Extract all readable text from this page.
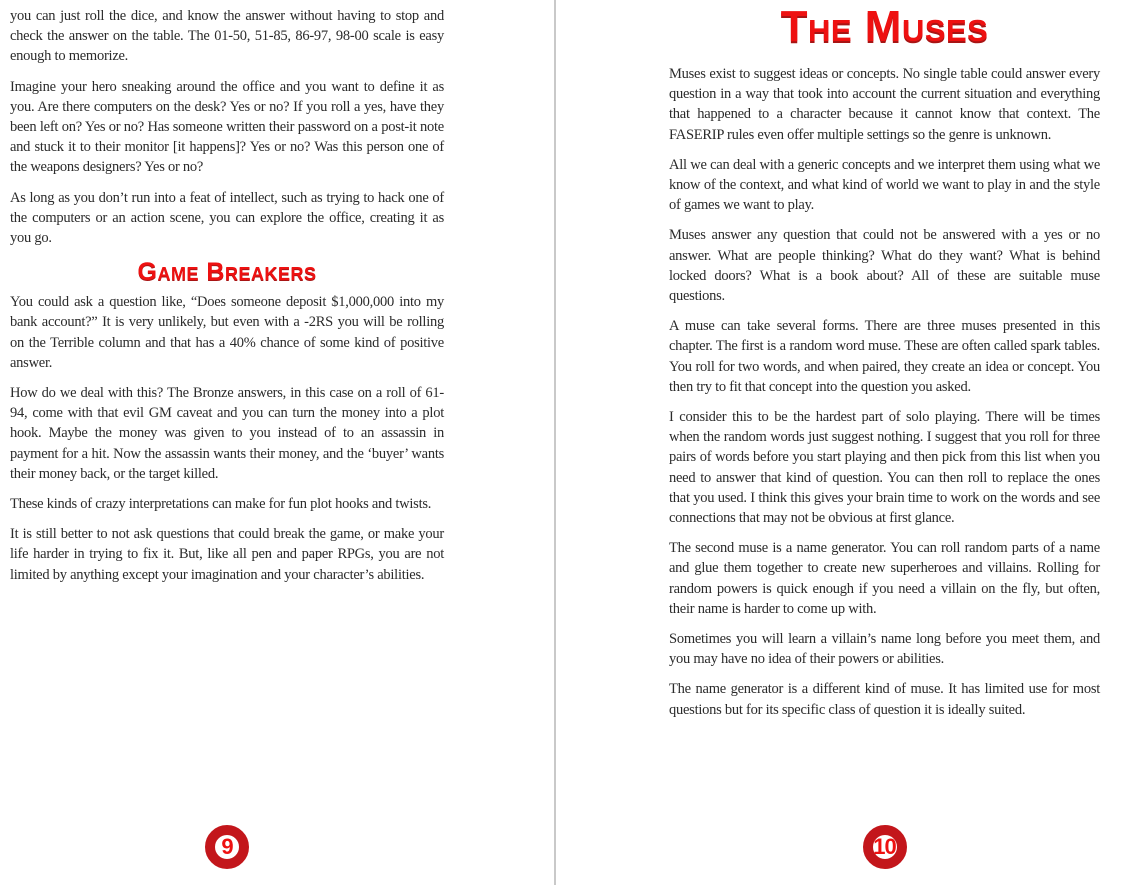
you can just roll the dice, and know the answer without having to stop and check the answer on the table. The 01-50, 51-85, 86-97, 98-00 scale is easy enough to memorize.

Imagine your hero sneaking around the office and you want to define it as you. Are there computers on the desk? Yes or no? If you roll a yes, have they been left on? Yes or no? Has someone written their password on a post-it note and stuck it to their monitor [it happens]? Yes or no? Was this person one of the weapons designers? Yes or no?

As long as you don’t run into a feat of intellect, such as trying to hack one of the computers or an action scene, you can explore the office, creating it as you go.

Game Breakers

You could ask a question like, “Does someone deposit $1,000,000 into my bank account?” It is very unlikely, but even with a -2RS you will be rolling on the Terrible column and that has a 40% chance of some kind of positive answer.

How do we deal with this? The Bronze answers, in this case on a roll of 61-94, come with that evil GM caveat and you can turn the money into a plot hook. Maybe the money was given to you instead of to an assassin in payment for a hit. Now the assassin wants their money, and the ‘buyer’ wants their money back, or the target killed.

These kinds of crazy interpretations can make for fun plot hooks and twists.

It is still better to not ask questions that could break the game, or make your life harder in trying to fix it. But, like all pen and paper RPGs, you are not limited by anything except your imagination and your character’s abilities.

9
The Muses

Muses exist to suggest ideas or concepts. No single table could answer every question in a way that took into account the current situation and everything that happened to a character because it cannot know that context. The FASERIP rules even offer multiple settings so the genre is unknown.

All we can deal with a generic concepts and we interpret them using what we know of the context, and what kind of world we want to play in and the style of games we want to play.

Muses answer any question that could not be answered with a yes or no answer. What are people thinking? What do they want? What is behind locked doors? What is a book about? All of these are suitable muse questions.

A muse can take several forms. There are three muses presented in this chapter. The first is a random word muse. These are often called spark tables. You roll for two words, and when paired, they create an idea or concept. You then try to fit that concept into the question you asked.

I consider this to be the hardest part of solo playing. There will be times when the random words just suggest nothing. I suggest that you roll for three pairs of words before you start playing and then pick from this list when you need to answer that kind of question. You can then roll to replace the ones that you used. I think this gives your brain time to work on the words and see connections that may not be obvious at first glance.

The second muse is a name generator. You can roll random parts of a name and glue them together to create new superheroes and villains. Rolling for random powers is quick enough if you need a villain on the fly, but often, their name is harder to come up with.

Sometimes you will learn a villain’s name long before you meet them, and you may have no idea of their powers or abilities.

The name generator is a different kind of muse. It has limited use for most questions but for its specific class of question it is ideally suited.

10
